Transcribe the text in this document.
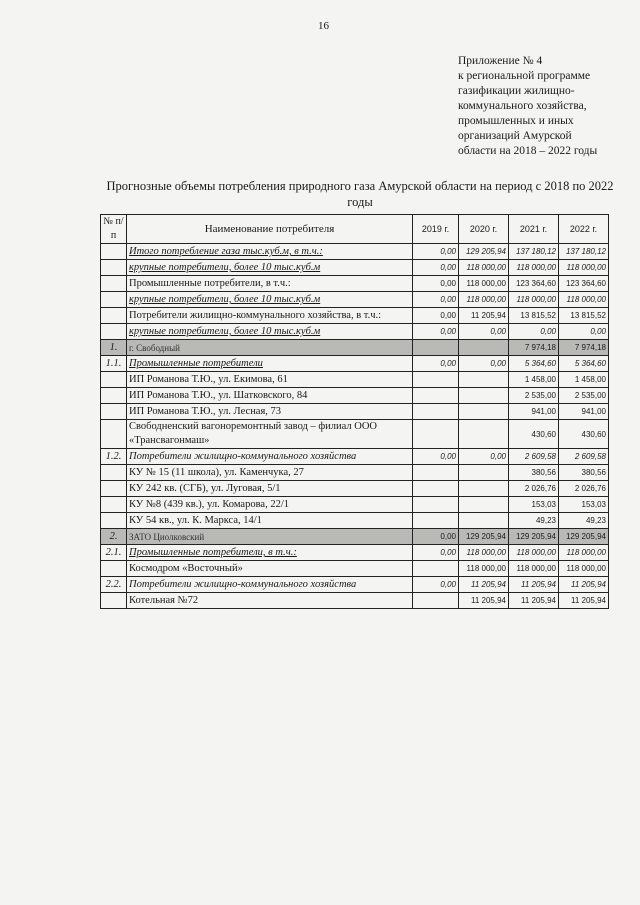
16
Приложение № 4
к региональной программе
газификации жилищно-
коммунального хозяйства,
промышленных и иных
организаций Амурской
области на 2018 – 2022 годы
Прогнозные объемы потребления природного газа Амурской области на период с 2018 по 2022 годы
№ п/п	Наименование потребителя	2019 г.	2020 г.	2021 г.	2022 г.
	Итого потребление газа тыс.куб.м, в т.ч.:	0,00	129 205,94	137 180,12	137 180,12
	крупные потребители, более 10 тыс.куб.м	0,00	118 000,00	118 000,00	118 000,00
	Промышленные потребители, в т.ч.:	0,00	118 000,00	123 364,60	123 364,60
	крупные потребители, более 10 тыс.куб.м	0,00	118 000,00	118 000,00	118 000,00
	Потребители жилищно-коммунального хозяйства, в т.ч.:	0,00	11 205,94	13 815,52	13 815,52
	крупные потребители, более 10 тыс.куб.м	0,00	0,00	0,00	0,00
1.	г. Свободный			7 974,18	7 974,18
1.1.	Промышленные потребители	0,00	0,00	5 364,60	5 364,60
	ИП Романова Т.Ю., ул. Екимова, 61			1 458,00	1 458,00
	ИП Романова Т.Ю., ул. Шатковского, 84			2 535,00	2 535,00
	ИП Романова Т.Ю., ул. Лесная, 73			941,00	941,00
	Свободненский вагоноремонтный завод – филиал ООО «Трансвагонмаш»			430,60	430,60
1.2.	Потребители жилищно-коммунального хозяйства	0,00	0,00	2 609,58	2 609,58
	КУ № 15 (11 школа), ул. Каменчука, 27			380,56	380,56
	КУ 242 кв. (СГБ), ул. Луговая, 5/1			2 026,76	2 026,76
	КУ №8 (439 кв.), ул. Комарова, 22/1			153,03	153,03
	КУ 54 кв., ул. К. Маркса, 14/1			49,23	49,23
2.	ЗАТО Циолковский	0,00	129 205,94	129 205,94	129 205,94
2.1.	Промышленные потребители, в т.ч.:	0,00	118 000,00	118 000,00	118 000,00
	Космодром «Восточный»		118 000,00	118 000,00	118 000,00
2.2.	Потребители жилищно-коммунального хозяйства	0,00	11 205,94	11 205,94	11 205,94
	Котельная №72		11 205,94	11 205,94	11 205,94
